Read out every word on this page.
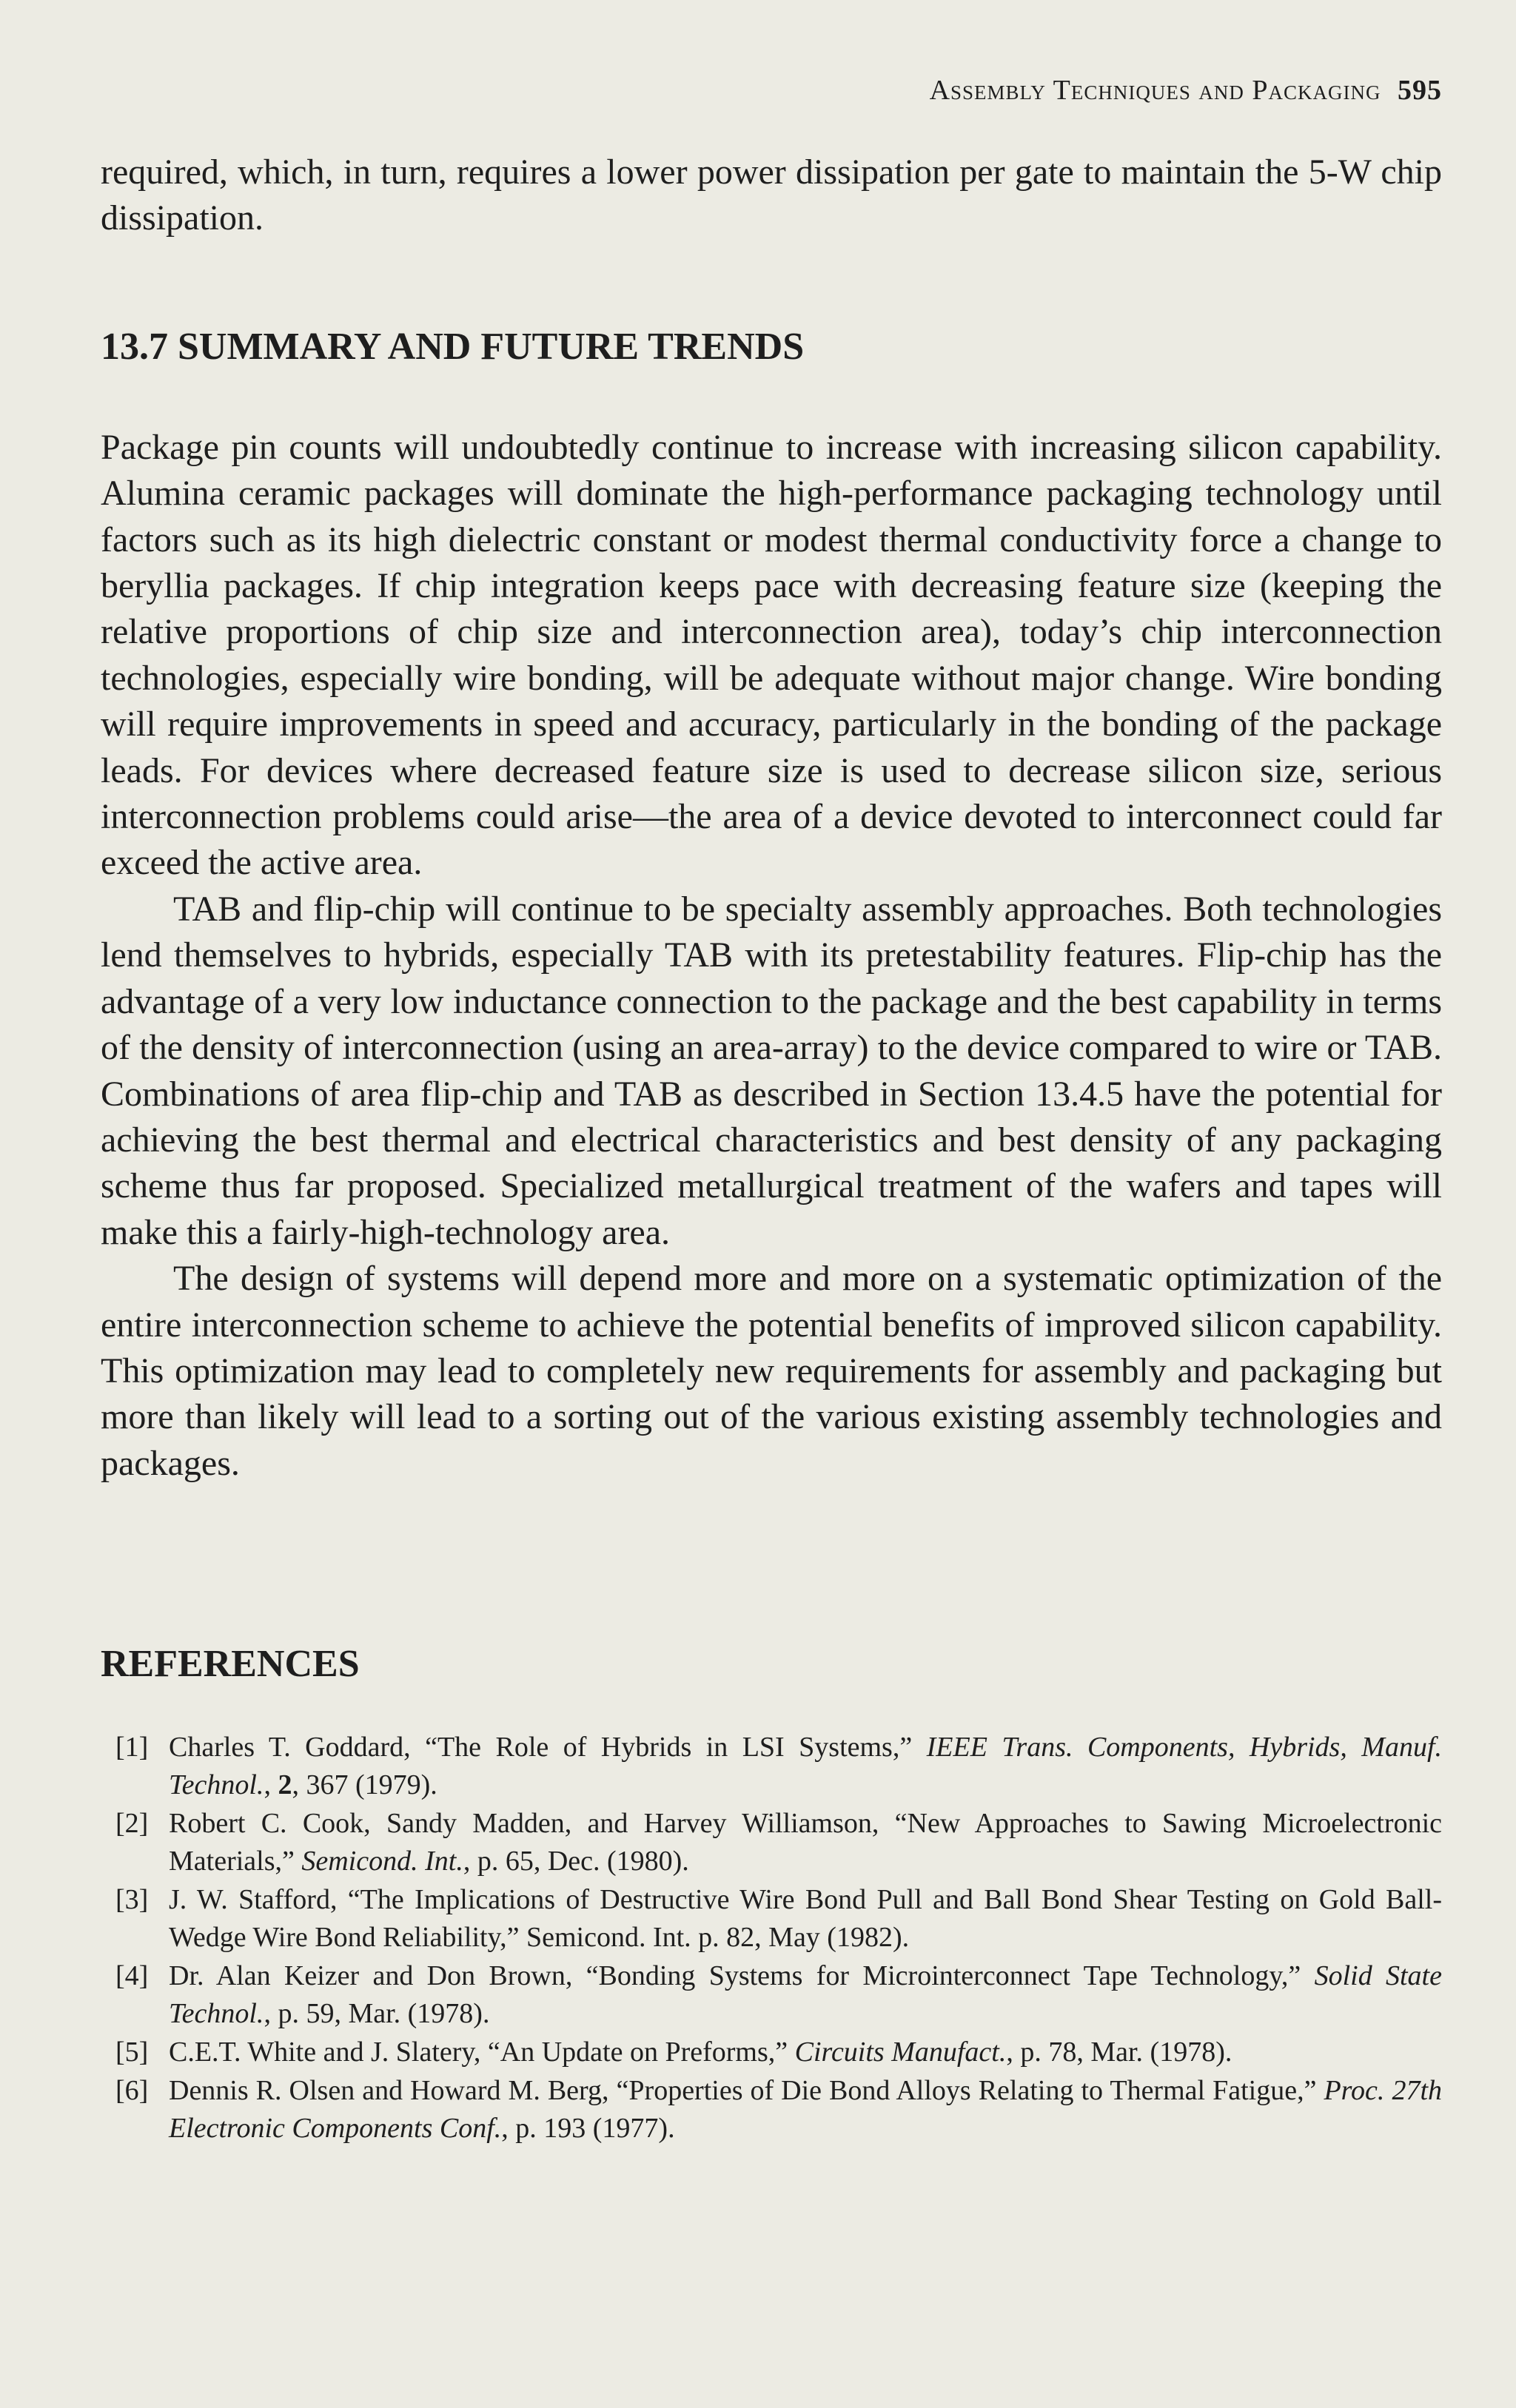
Assembly Techniques and Packaging 595

required, which, in turn, requires a lower power dissipation per gate to maintain the 5-W chip dissipation.

13.7 SUMMARY AND FUTURE TRENDS

Package pin counts will undoubtedly continue to increase with increasing silicon capability. Alumina ceramic packages will dominate the high-performance packaging technology until factors such as its high dielectric constant or modest thermal conductivity force a change to beryllia packages. If chip integration keeps pace with decreasing feature size (keeping the relative proportions of chip size and interconnection area), today’s chip interconnection technologies, especially wire bonding, will be adequate without major change. Wire bonding will require improvements in speed and accuracy, particularly in the bonding of the package leads. For devices where decreased feature size is used to decrease silicon size, serious interconnection problems could arise—the area of a device devoted to interconnect could far exceed the active area.

TAB and flip-chip will continue to be specialty assembly approaches. Both technologies lend themselves to hybrids, especially TAB with its pretestability features. Flip-chip has the advantage of a very low inductance connection to the package and the best capability in terms of the density of interconnection (using an area-array) to the device compared to wire or TAB. Combinations of area flip-chip and TAB as described in Section 13.4.5 have the potential for achieving the best thermal and electrical characteristics and best density of any packaging scheme thus far proposed. Specialized metallurgical treatment of the wafers and tapes will make this a fairly-high-technology area.

The design of systems will depend more and more on a systematic optimization of the entire interconnection scheme to achieve the potential benefits of improved silicon capability. This optimization may lead to completely new requirements for assembly and packaging but more than likely will lead to a sorting out of the various existing assembly technologies and packages.

REFERENCES
[1] Charles T. Goddard, “The Role of Hybrids in LSI Systems,” IEEE Trans. Components, Hybrids, Manuf. Technol., 2, 367 (1979).
[2] Robert C. Cook, Sandy Madden, and Harvey Williamson, “New Approaches to Sawing Microelectronic Materials,” Semicond. Int., p. 65, Dec. (1980).
[3] J. W. Stafford, “The Implications of Destructive Wire Bond Pull and Ball Bond Shear Testing on Gold Ball-Wedge Wire Bond Reliability,” Semicond. Int. p. 82, May (1982).
[4] Dr. Alan Keizer and Don Brown, “Bonding Systems for Microinterconnect Tape Technology,” Solid State Technol., p. 59, Mar. (1978).
[5] C.E.T. White and J. Slatery, “An Update on Preforms,” Circuits Manufact., p. 78, Mar. (1978).
[6] Dennis R. Olsen and Howard M. Berg, “Properties of Die Bond Alloys Relating to Thermal Fatigue,” Proc. 27th Electronic Components Conf., p. 193 (1977).
